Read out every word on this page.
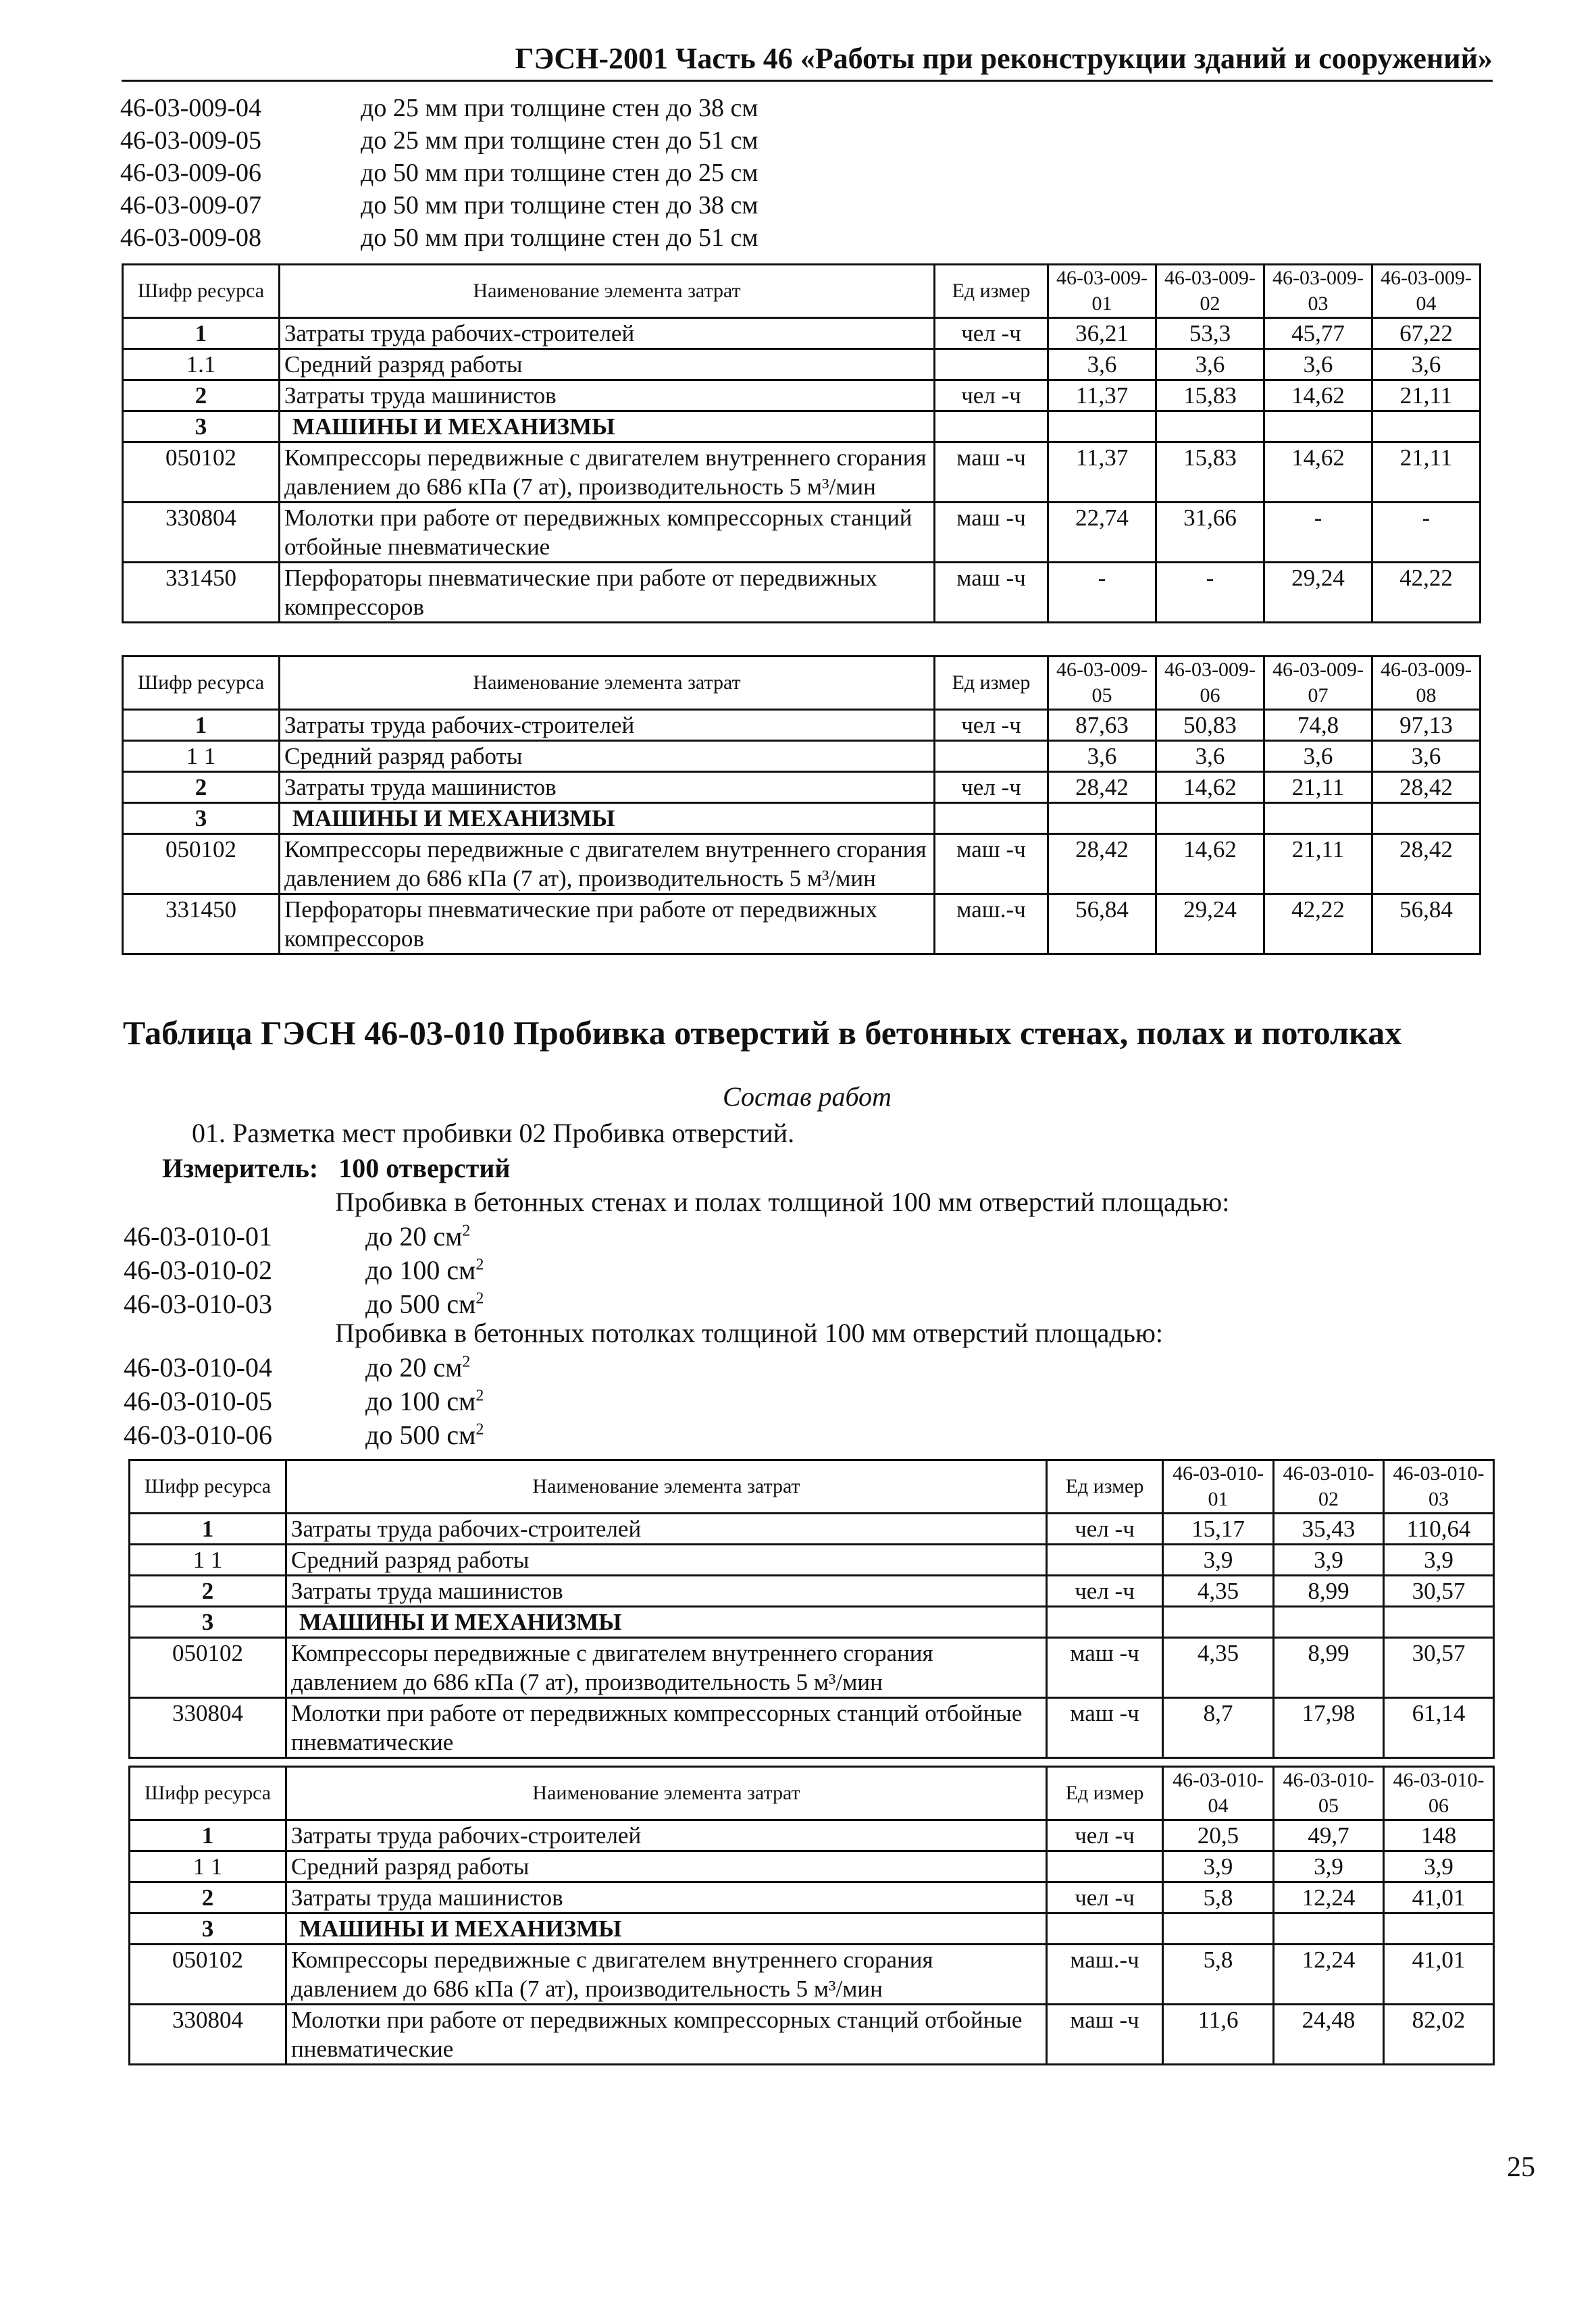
ГЭСН-2001 Часть 46 «Работы при реконструкции зданий и сооружений»
46-03-009-04	до 25 мм при толщине стен до 38 см
46-03-009-05	до 25 мм при толщине стен до 51 см
46-03-009-06	до 50 мм при толщине стен до 25 см
46-03-009-07	до 50 мм при толщине стен до 38 см
46-03-009-08	до 50 мм при толщине стен до 51 см
Шифр ресурса	Наименование элемента затрат	Ед измер	46-03-009-01	46-03-009-02	46-03-009-03	46-03-009-04
1	Затраты труда рабочих-строителей	чел -ч	36,21	53,3	45,77	67,22
1.1	Средний разряд работы		3,6	3,6	3,6	3,6
2	Затраты труда машинистов	чел -ч	11,37	15,83	14,62	21,11
3	МАШИНЫ И МЕХАНИЗМЫ					
050102	Компрессоры передвижные с двигателем внутреннего сгорания давлением до 686 кПа (7 ат), производительность 5 м³/мин	маш -ч	11,37	15,83	14,62	21,11
330804	Молотки при работе от передвижных компрессорных станций отбойные пневматические	маш -ч	22,74	31,66	-	-
331450	Перфораторы пневматические при работе от передвижных компрессоров	маш -ч	-	-	29,24	42,22
Шифр ресурса	Наименование элемента затрат	Ед измер	46-03-009-05	46-03-009-06	46-03-009-07	46-03-009-08
1	Затраты труда рабочих-строителей	чел -ч	87,63	50,83	74,8	97,13
1 1	Средний разряд работы		3,6	3,6	3,6	3,6
2	Затраты труда машинистов	чел -ч	28,42	14,62	21,11	28,42
3	МАШИНЫ И МЕХАНИЗМЫ					
050102	Компрессоры передвижные с двигателем внутреннего сгорания давлением до 686 кПа (7 ат), производительность 5 м³/мин	маш -ч	28,42	14,62	21,11	28,42
331450	Перфораторы пневматические при работе от передвижных компрессоров	маш.-ч	56,84	29,24	42,22	56,84
Таблица ГЭСН 46-03-010 Пробивка отверстий в бетонных стенах, полах и потолках
Состав работ
01. Разметка мест пробивки 02 Пробивка отверстий.
Измеритель: 100 отверстий
Пробивка в бетонных стенах и полах толщиной 100 мм отверстий площадью:
46-03-010-01	до 20 $см^2$
46-03-010-02	до 100 $см^2$
46-03-010-03	до 500 $см^2$
Пробивка в бетонных потолках толщиной 100 мм отверстий площадью:
46-03-010-04	до 20 $см^2$
46-03-010-05	до 100 $см^2$
46-03-010-06	до 500 $см^2$
Шифр ресурса	Наименование элемента затрат	Ед измер	46-03-010-01	46-03-010-02	46-03-010-03
1	Затраты труда рабочих-строителей	чел -ч	15,17	35,43	110,64
1 1	Средний разряд работы		3,9	3,9	3,9
2	Затраты труда машинистов	чел -ч	4,35	8,99	30,57
3	МАШИНЫ И МЕХАНИЗМЫ				
050102	Компрессоры передвижные с двигателем внутреннего сгорания давлением до 686 кПа (7 ат), производительность 5 м³/мин	маш -ч	4,35	8,99	30,57
330804	Молотки при работе от передвижных компрессорных станций отбойные пневматические	маш -ч	8,7	17,98	61,14
Шифр ресурса	Наименование элемента затрат	Ед измер	46-03-010-04	46-03-010-05	46-03-010-06
1	Затраты труда рабочих-строителей	чел -ч	20,5	49,7	148
1 1	Средний разряд работы		3,9	3,9	3,9
2	Затраты труда машинистов	чел -ч	5,8	12,24	41,01
3	МАШИНЫ И МЕХАНИЗМЫ				
050102	Компрессоры передвижные с двигателем внутреннего сгорания давлением до 686 кПа (7 ат), производительность 5 м³/мин	маш.-ч	5,8	12,24	41,01
330804	Молотки при работе от передвижных компрессорных станций отбойные пневматические	маш -ч	11,6	24,48	82,02
25
